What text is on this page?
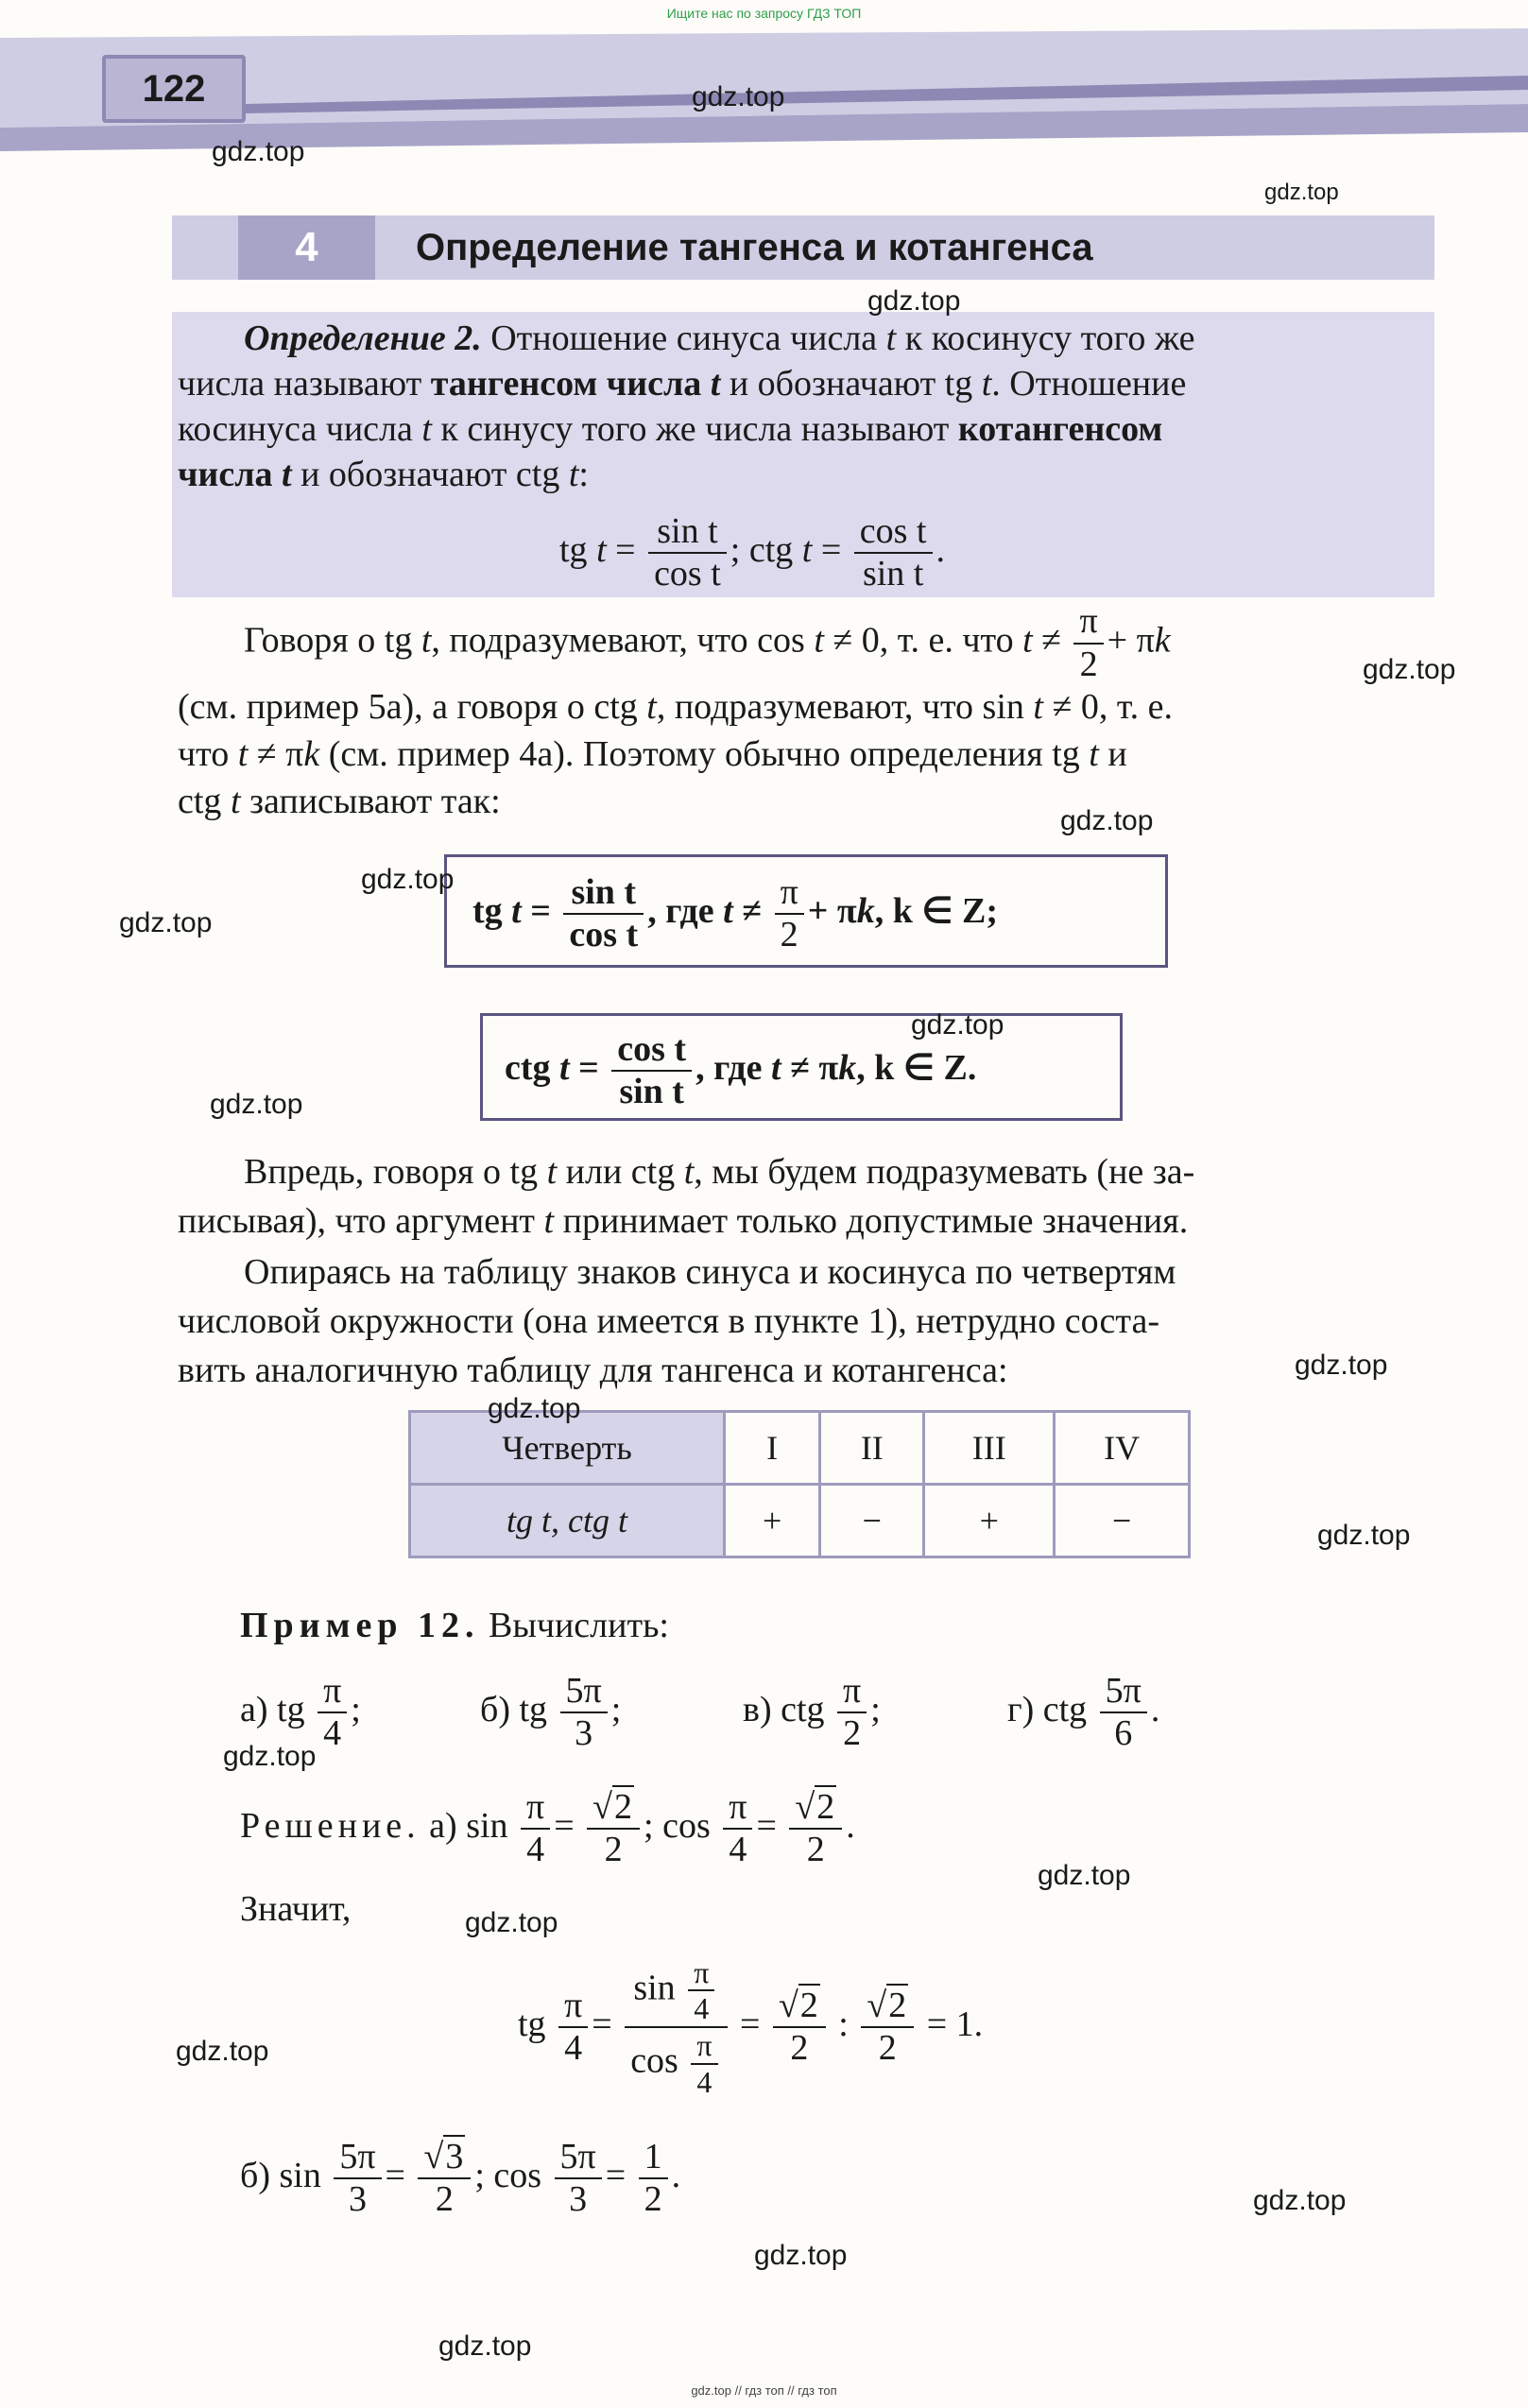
Ищите нас по запросу ГДЗ ТОП
122
4	Определение тангенса и котангенса
Определение 2. Отношение синуса числа t к косинусу того же
числа называют тангенсом числа t и обозначают tg t. Отношение
косинуса числа t к синусу того же числа называют котангенсом
числа t и обозначают ctg t:
tg $t = \frac{\text{sin t}}{\text{cos t}}$ ; ctg $t = \frac{\text{cos t}}{\text{sin t}}$ .
Говоря о tg t, подразумевают, что cos t ≠ 0, т. е. что $t \ne \frac{\pi}{2} + \pi k$
(см. пример 5а), а говоря о ctg t, подразумевают, что sin t ≠ 0, т. е.
что t ≠ πk (см. пример 4а). Поэтому обычно определения tg t и
ctg t записывают так:
tg $t = \frac{\text{sin t}}{\text{cos t}}$ , где $t \ne \frac{\pi}{2} + \pi k$, k ∈ Z;
ctg $t = \frac{\text{cos t}}{\text{sin t}}$ , где t ≠ πk, k ∈ Z.
Впредь, говоря о tg t или ctg t, мы будем подразумевать (не за-
писывая), что аргумент t принимает только допустимые значения.
Опираясь на таблицу знаков синуса и косинуса по четвертям
числовой окружности (она имеется в пункте 1), нетрудно соста-
вить аналогичную таблицу для тангенса и котангенса:
Четверть	I	II	III	IV
tg t, ctg t	+	−	+	−
Пример 12. Вычислить:
а) tg $\frac{\pi}{4}$ ;	б) tg $\frac{5\pi}{3}$ ;	в) ctg $\frac{\pi}{2}$ ;	г) ctg $\frac{5\pi}{6}$ .
Решение. а) $\sin \frac{\pi}{4} = \frac{√2}{2}$ ; $\cos \frac{\pi}{4} = \frac{√2}{2}$ .
Значит,
tg $\frac{\pi}{4} = \frac{\sin \frac{\pi}{4}}{\cos \frac{\pi}{4}} = \frac{√2}{2}$ : $\frac{√2}{2} = 1$.
б) $\sin \frac{5\pi}{3} = \frac{√3}{2}$ ; $\cos \frac{5\pi}{3} = \frac{1}{2}$ .
gdz.top
gdz.top
gdz.top
gdz.top
gdz.top
gdz.top
gdz.top
gdz.top
gdz.top
gdz.top
gdz.top
gdz.top
gdz.top
gdz.top
gdz.top
gdz.top
gdz.top
gdz.top
gdz.top
gdz.top
gdz.top // гдз топ // гдз топ
